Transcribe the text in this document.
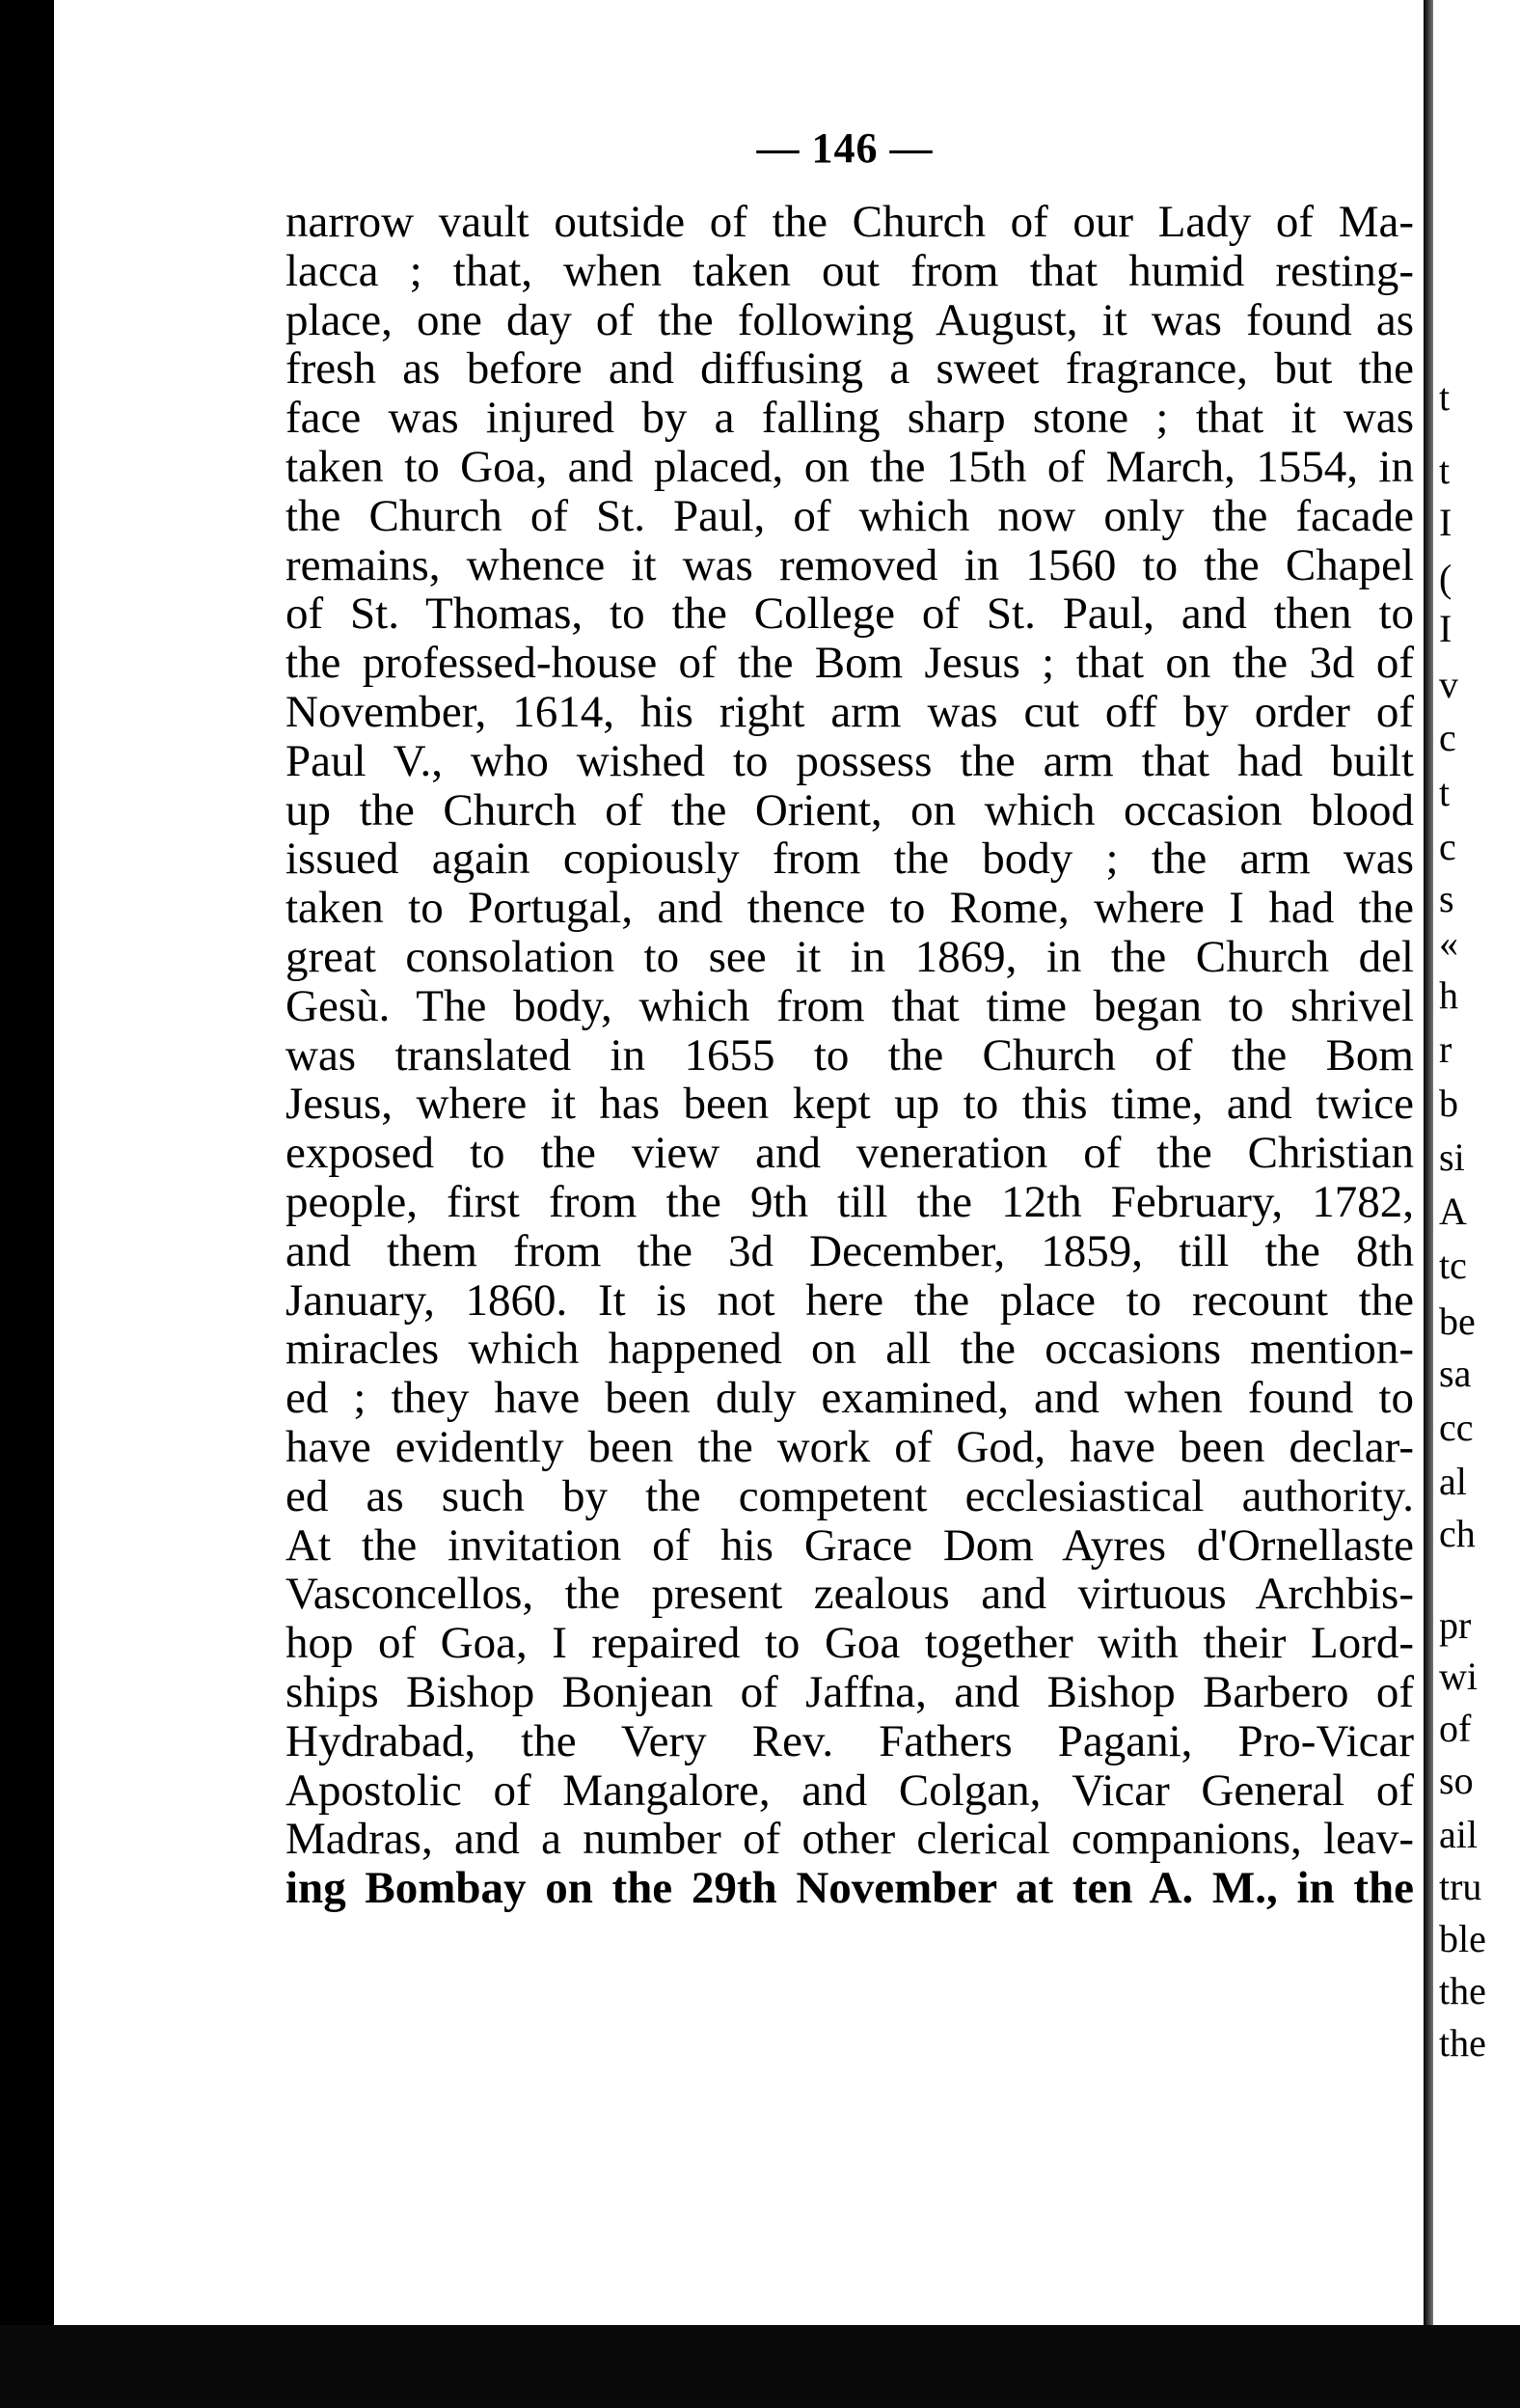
— 146 —
narrow vault outside of the Church of our Lady of Ma-
lacca ; that, when taken out from that humid resting-
place, one day of the following August, it was found as
fresh as before and diffusing a sweet fragrance, but the
face was injured by a falling sharp stone ; that it was
taken to Goa, and placed, on the 15th of March, 1554, in
the Church of St. Paul, of which now only the facade
remains, whence it was removed in 1560 to the Chapel
of St. Thomas, to the College of St. Paul, and then to
the professed-house of the Bom Jesus ; that on the 3d of
November, 1614, his right arm was cut off by order of
Paul V., who wished to possess the arm that had built
up the Church of the Orient, on which occasion blood
issued again copiously from the body ; the arm was
taken to Portugal, and thence to Rome, where I had the
great consolation to see it in 1869, in the Church del
Gesù. The body, which from that time began to shrivel
was translated in 1655 to the Church of the Bom
Jesus, where it has been kept up to this time, and twice
exposed to the view and veneration of the Christian
people, first from the 9th till the 12th February, 1782,
and them from the 3d December, 1859, till the 8th
January, 1860. It is not here the place to recount the
miracles which happened on all the occasions mention-
ed ; they have been duly examined, and when found to
have evidently been the work of God, have been declar-
ed as such by the competent ecclesiastical authority.
At the invitation of his Grace Dom Ayres d'Ornellaste
Vasconcellos, the present zealous and virtuous Archbis-
hop of Goa, I repaired to Goa together with their Lord-
ships Bishop Bonjean of Jaffna, and Bishop Barbero of
Hydrabad, the Very Rev. Fathers Pagani, Pro-Vicar
Apostolic of Mangalore, and Colgan, Vicar General of
Madras, and a number of other clerical companions, leav-
ing Bombay on the 29th November at ten A. M., in the
t
t
I
(
I
v
c
t
c
s
«
h
r
b
si
A
tc
be
sa
cc
al
ch
pr
wi
of
so
ail
tru
ble
the
the
